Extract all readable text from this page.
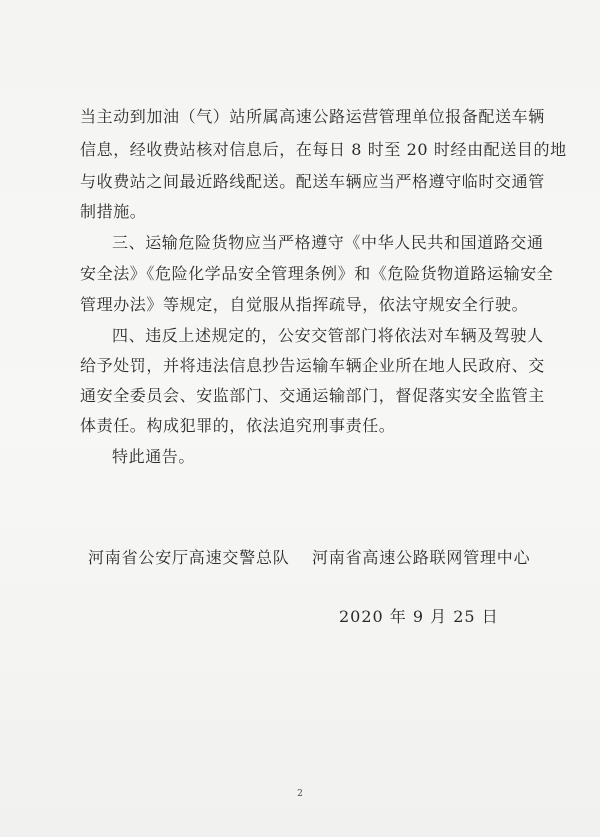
当主动到加油（气）站所属高速公路运营管理单位报备配送车辆
信息，经收费站核对信息后，在每日 8 时至 20 时经由配送目的地
与收费站之间最近路线配送。配送车辆应当严格遵守临时交通管
制措施。
三、运输危险货物应当严格遵守《中华人民共和国道路交通
安全法》《危险化学品安全管理条例》和《危险货物道路运输安全
管理办法》等规定，自觉服从指挥疏导，依法守规安全行驶。
四、违反上述规定的，公安交管部门将依法对车辆及驾驶人
给予处罚，并将违法信息抄告运输车辆企业所在地人民政府、交
通安全委员会、安监部门、交通运输部门，督促落实安全监管主
体责任。构成犯罪的，依法追究刑事责任。
特此通告。
河南省公安厅高速交警总队 河南省高速公路联网管理中心
2020 年 9 月 25 日
2
